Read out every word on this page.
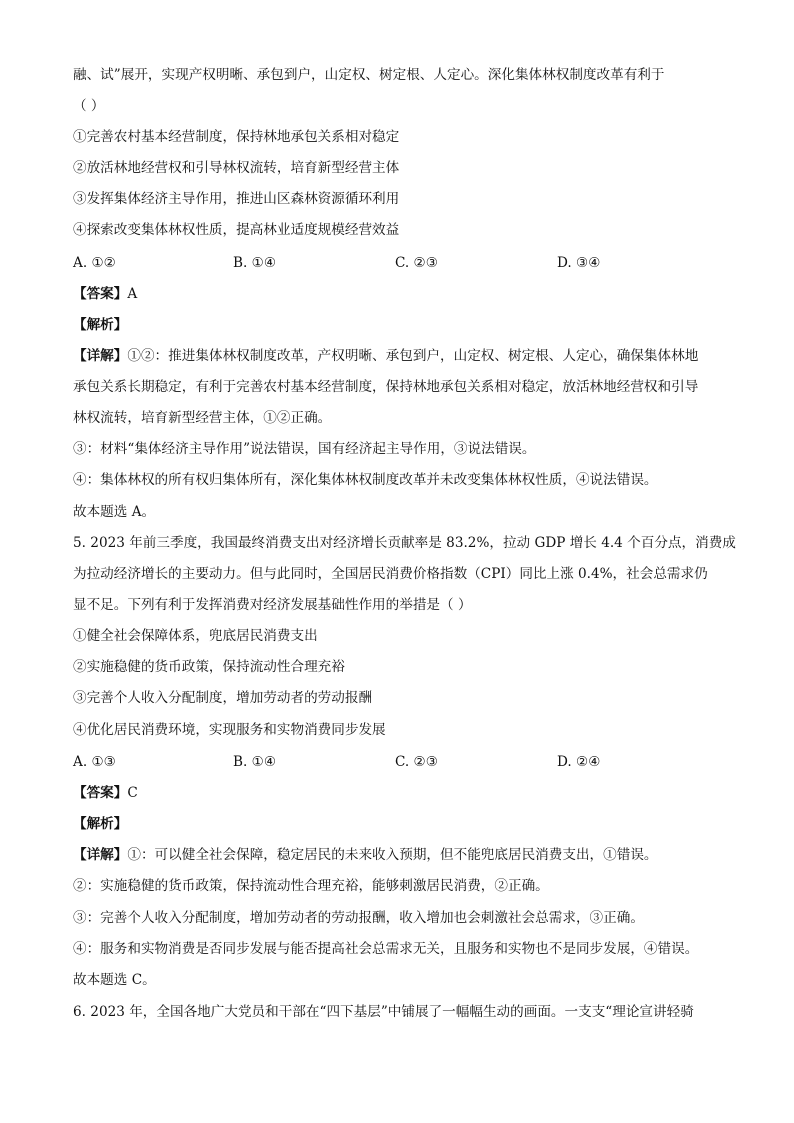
融、试”展开，实现产权明晰、承包到户，山定权、树定根、人定心。深化集体林权制度改革有利于
（ ）
①完善农村基本经营制度，保持林地承包关系相对稳定
②放活林地经营权和引导林权流转，培育新型经营主体
③发挥集体经济主导作用，推进山区森林资源循环利用
④探索改变集体林权性质，提高林业适度规模经营效益
A. ①②	B. ①④	C. ②③	D. ③④
【答案】A
【解析】
【详解】①②：推进集体林权制度改革，产权明晰、承包到户，山定权、树定根、人定心，确保集体林地
承包关系长期稳定，有利于完善农村基本经营制度，保持林地承包关系相对稳定，放活林地经营权和引导
林权流转，培育新型经营主体，①②正确。
③：材料“集体经济主导作用”说法错误，国有经济起主导作用，③说法错误。
④：集体林权的所有权归集体所有，深化集体林权制度改革并未改变集体林权性质，④说法错误。
故本题选 A。
5. 2023 年前三季度，我国最终消费支出对经济增长贡献率是 83.2%，拉动 GDP 增长 4.4 个百分点，消费成
为拉动经济增长的主要动力。但与此同时，全国居民消费价格指数（CPI）同比上涨 0.4%，社会总需求仍
显不足。下列有利于发挥消费对经济发展基础性作用的举措是（ ）
①健全社会保障体系，兜底居民消费支出
②实施稳健的货币政策，保持流动性合理充裕
③完善个人收入分配制度，增加劳动者的劳动报酬
④优化居民消费环境，实现服务和实物消费同步发展
A. ①③	B. ①④	C. ②③	D. ②④
【答案】C
【解析】
【详解】①：可以健全社会保障，稳定居民的未来收入预期，但不能兜底居民消费支出，①错误。
②：实施稳健的货币政策，保持流动性合理充裕，能够刺激居民消费，②正确。
③：完善个人收入分配制度，增加劳动者的劳动报酬，收入增加也会刺激社会总需求，③正确。
④：服务和实物消费是否同步发展与能否提高社会总需求无关，且服务和实物也不是同步发展，④错误。
故本题选 C。
6. 2023 年，全国各地广大党员和干部在“四下基层”中铺展了一幅幅生动的画面。一支支“理论宣讲轻骑
